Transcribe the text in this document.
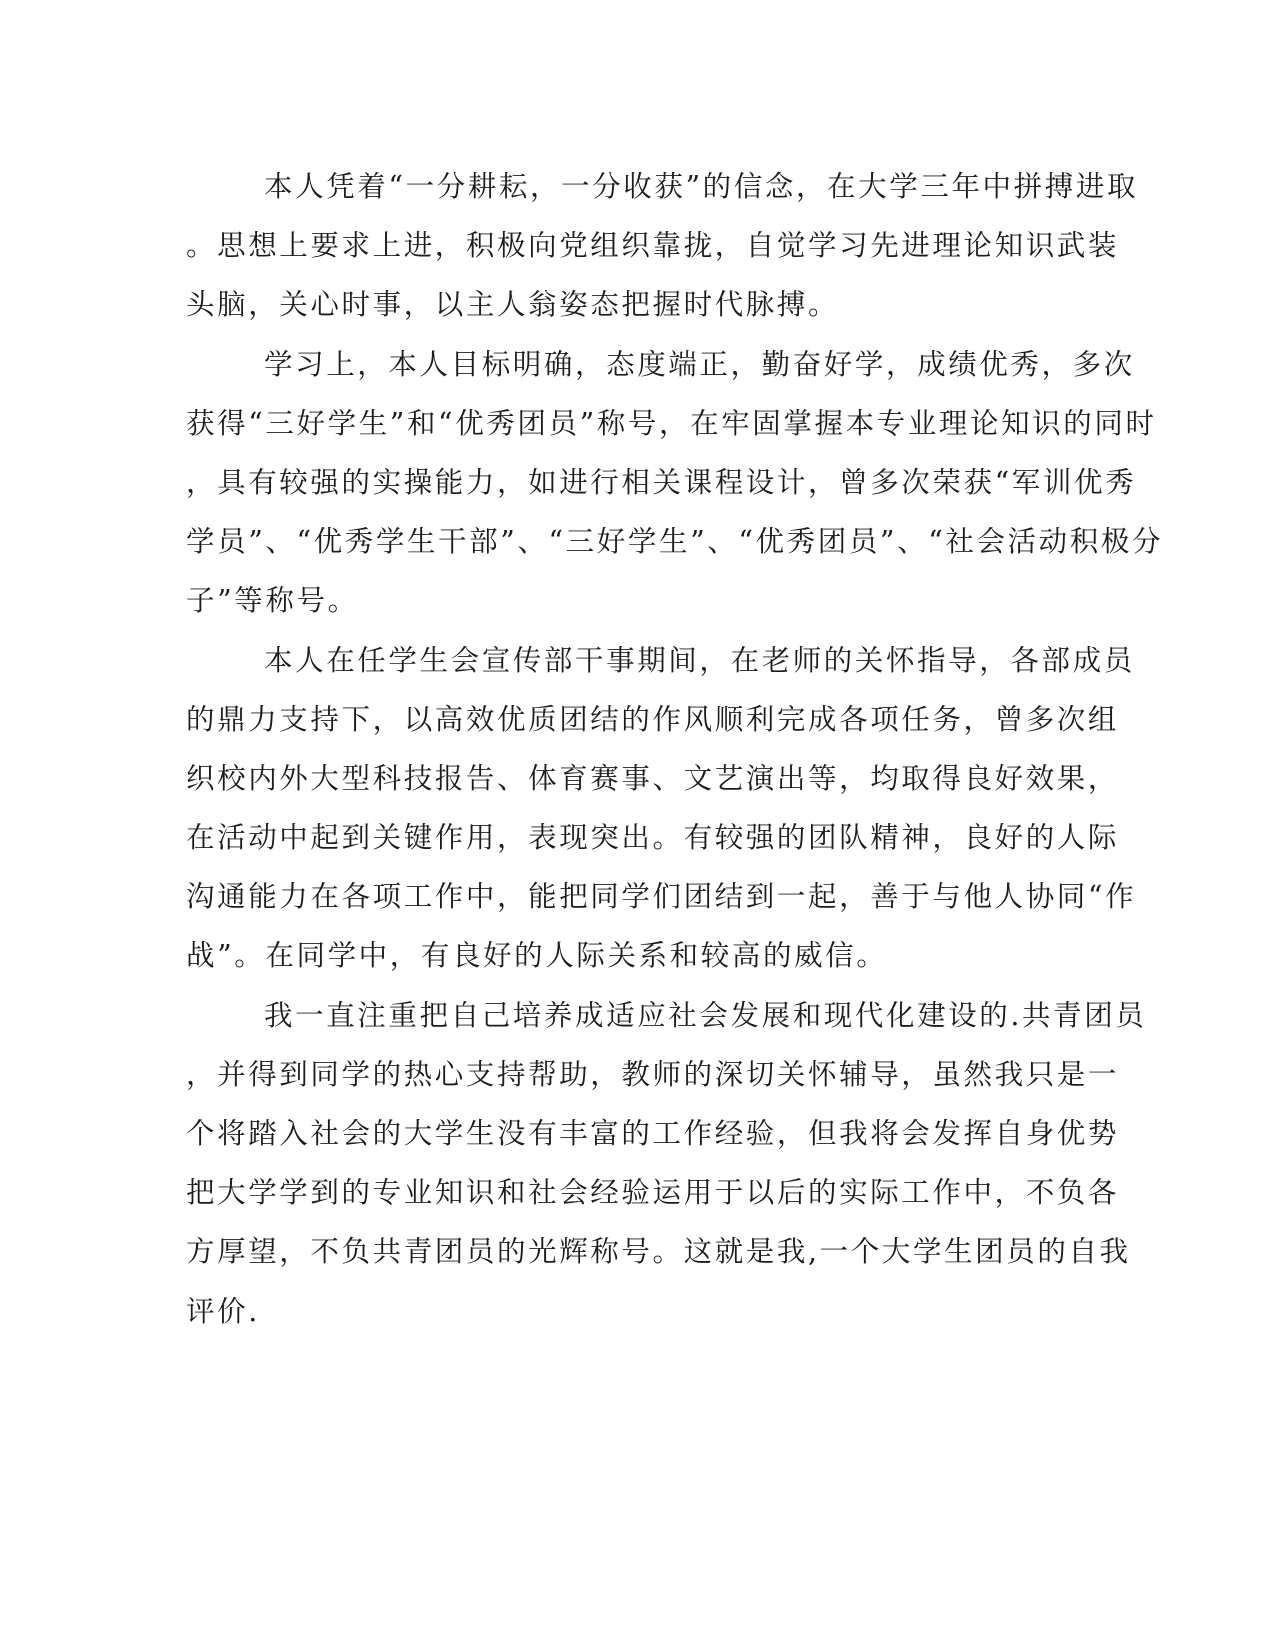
本人凭着“一分耕耘，一分收获”的信念，在大学三年中拼搏进取
。思想上要求上进，积极向党组织靠拢，自觉学习先进理论知识武装
头脑，关心时事，以主人翁姿态把握时代脉搏。
学习上，本人目标明确，态度端正，勤奋好学，成绩优秀，多次
获得“三好学生”和“优秀团员”称号，在牢固掌握本专业理论知识的同时
，具有较强的实操能力，如进行相关课程设计，曾多次荣获“军训优秀
学员”、“优秀学生干部”、“三好学生”、“优秀团员”、“社会活动积极分
子”等称号。
本人在任学生会宣传部干事期间，在老师的关怀指导，各部成员
的鼎力支持下，以高效优质团结的作风顺利完成各项任务，曾多次组
织校内外大型科技报告、体育赛事、文艺演出等，均取得良好效果，
在活动中起到关键作用，表现突出。有较强的团队精神，良好的人际
沟通能力在各项工作中，能把同学们团结到一起，善于与他人协同“作
战”。在同学中，有良好的人际关系和较高的威信。
我一直注重把自己培养成适应社会发展和现代化建设的.共青团员
，并得到同学的热心支持帮助，教师的深切关怀辅导，虽然我只是一
个将踏入社会的大学生没有丰富的工作经验，但我将会发挥自身优势
把大学学到的专业知识和社会经验运用于以后的实际工作中，不负各
方厚望，不负共青团员的光辉称号。这就是我,一个大学生团员的自我
评价.
